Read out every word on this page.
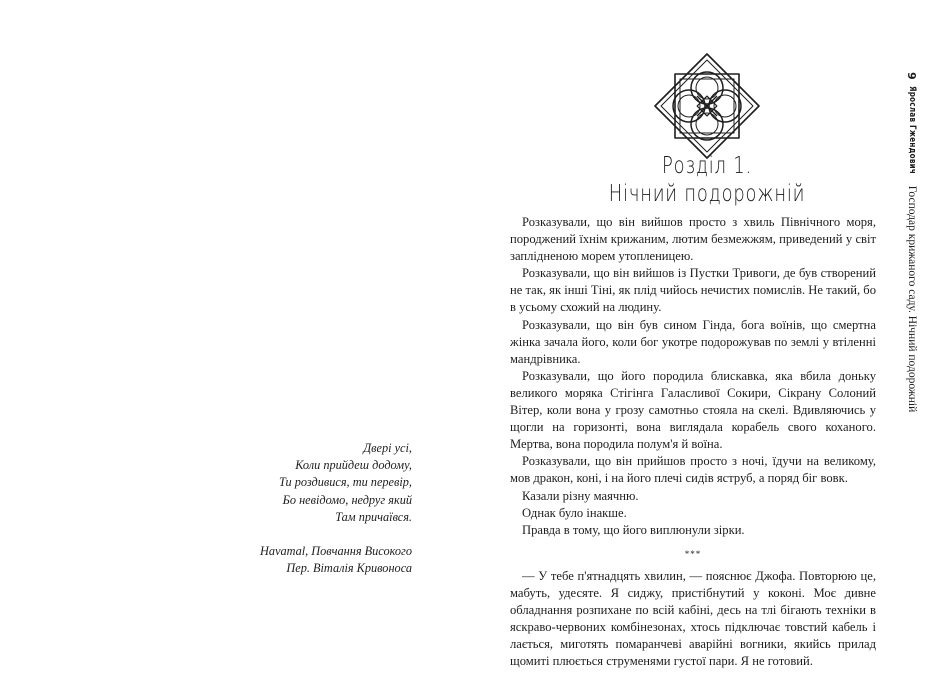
Двері усі,
Коли прийдеш додому,
Ти роздивися, ти перевір,
Бо невідомо, недруг який
Там причаївся.
Havamal, Повчання Високого
Пер. Віталія Кривоноса
Розділ 1.
Нічний подорожній

Розказували, що він вийшов просто з хвиль Північного моря, породжений їхнім крижаним, лютим безмежжям, приведений у світ заплідненою морем утопленицею.

Розказували, що він вийшов із Пустки Тривоги, де був створений не так, як інші Тіні, як плід чийось нечистих помислів. Не такий, бо в усьому схожий на людину.

Розказували, що він був сином Гінда, бога воїнів, що смертна жінка зачала його, коли бог укотре подорожував по землі у втіленні мандрівника.

Розказували, що його породила блискавка, яка вбила доньку великого моряка Стігінга Галасливої Сокири, Сікрану Солоний Вітер, коли вона у грозу самотньо стояла на скелі. Вдивляючись у щогли на горизонті, вона виглядала корабель свого коханого. Мертва, вона породила полум'я й воїна.

Розказували, що він прийшов просто з ночі, їдучи на великому, мов дракон, коні, і на його плечі сидів яструб, а поряд біг вовк.

Казали різну маячню.

Однак було інакше.

Правда в тому, що його виплюнули зірки.

***

— У тебе п'ятнадцять хвилин, — пояснює Джофа. Повторюю це, мабуть, удесяте. Я сиджу, пристібнутий у коконі. Моє дивне обладнання розпихане по всій кабіні, десь на тлі бігають техніки в яскраво-червоних комбінезонах, хтось підключає товстий кабель і лається, миготять помаранчеві аварійні вогники, якийсь прилад щомиті плюється струменями густої пари. Я не готовий.

9
Ярослав Гжендович
Господар крижаного саду. Нічний подорожній
